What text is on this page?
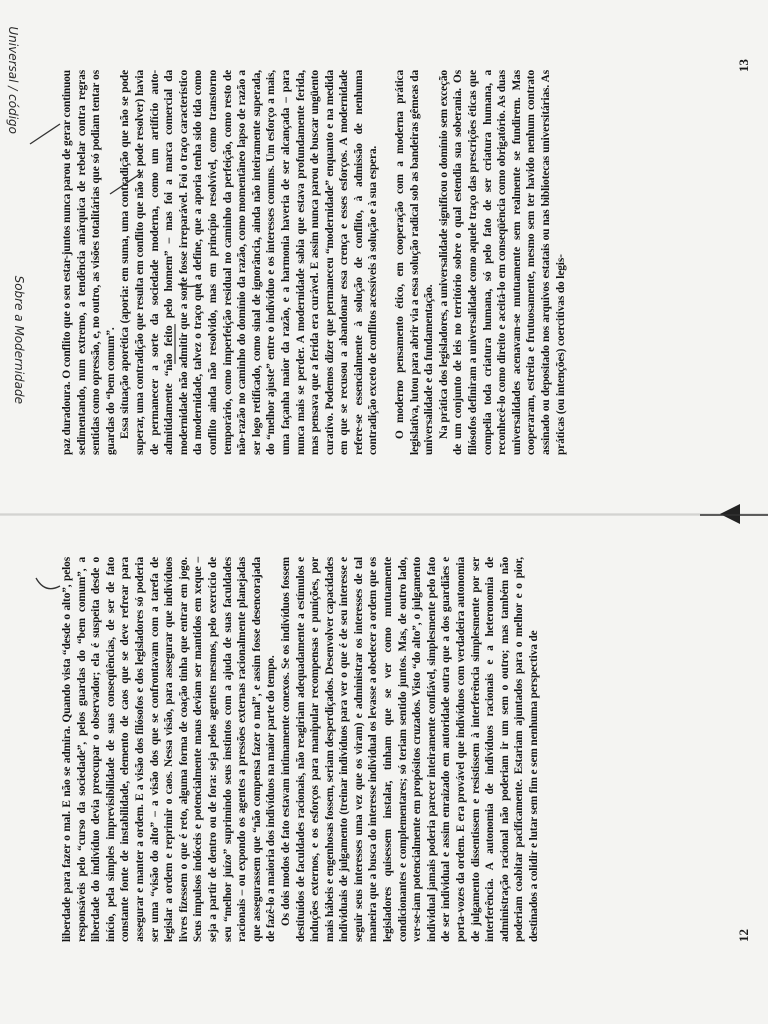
liberdade para fazer o mal. E não se admira. Quando vista “desde o alto”, pelos responsáveis pelo “curso da sociedade”, pelos guardas do “bem comum”, a liberdade do indivíduo devia preocupar o observador; ela é suspeita desde o início, pela simples imprevisibilidade de suas conseqüências, de ser de fato constante fonte de instabilidade, elemento de caos que se deve refrear para assegurar e manter a ordem. E a visão dos filósofos e dos legisladores só poderia ser uma “visão do alto” – a visão dos que se confrontavam com a tarefa de legislar a ordem e reprimir o caos. Nessa visão, para assegurar que indivíduos livres fizessem o que é reto, alguma forma de coação tinha que entrar em jogo. Seus impulsos indóceis e potencialmente maus deviam ser mantidos em xeque – seja a partir de dentro ou de fora: seja pelos agentes mesmos, pelo exercício de seu “melhor juízo” suprimindo seus instintos com a ajuda de suas faculdades racionais – ou expondo os agentes a pressões externas racionalmente planejadas que assegurassem que “não compensa fazer o mal”, e assim fosse desencorajada de fazê-lo a maioria dos indivíduos na maior parte do tempo. Os dois modos de fato estavam intimamente conexos. Se os indivíduos fossem destituídos de faculdades racionais, não reagiriam adequadamente a estímulos e induções externos, e os esforços para manipular recompensas e punições, por mais hábeis e engenhosas fossem, seriam desperdiçados. Desenvolver capacidades individuais de julgamento (treinar indivíduos para ver o que é de seu interesse e seguir seus interesses uma vez que os viram) e administrar os interesses de tal maneira que a busca do interesse individual os levasse a obedecer a ordem que os legisladores quisessem instalar, tinham que se ver como mutuamente condicionantes e complementares; só teriam sentido juntos. Mas, de outro lado, ver-se-iam potencialmente em propósitos cruzados. Visto “do alto”, o julgamento individual jamais poderia parecer inteiramente confiável, simplesmente pelo fato de ser individual e assim enraizado em autoridade outra que a dos guardiães e porta-vozes da ordem. E era provável que indivíduos com verdadeira autonomia de julgamento dissentissem e resistissem à interferência simplesmente por ser interferência. A autonomia de indivíduos racionais e a heteronomia de administração racional não poderiam ir um sem o outro; mas também não poderiam coabitar pacificamente. Estariam ajuntados para o melhor e o pior, destinados a colidir e lutar sem fim e sem nenhuma perspectiva de	12

paz duradoura. O conflito que o seu estar-juntos nunca parou de gerar continuou sedimentando, num extremo, a tendência anárquica de rebelar contra regras sentidas como opressão, e, no outro, as visões totalitárias que só podiam tentar os guardas do “bem comum”. Essa situação aporética (aporia: em suma, uma contradição que não se pode superar, uma contradição que resulta em conflito que não se pode resolver) havia de permanecer a sorte da sociedade moderna, como um artifício auto-admitidamente “não feito pelo homem” – mas foi a marca comercial da modernidade não admitir que a sorte fosse irreparável. Foi o traço característico da modernidade, talvez o traço que a define, que a aporia tenha sido tida como conflito ainda não resolvido, mas em princípio resolvível, como transtorno temporário, como imperfeição residual no caminho da perfeição, como resto de não-razão no caminho do domínio da razão, como momentâneo lapso de razão a ser logo retificado, como sinal de ignorância, ainda não inteiramente superada, do “melhor ajuste” entre o indivíduo e os interesses comuns. Um esforço a mais, uma façanha maior da razão, e a harmonia haveria de ser alcançada – para nunca mais se perder. A modernidade sabia que estava profundamente ferida, mas pensava que a ferida era curável. E assim nunca parou de buscar ungüento curativo. Podemos dizer que permaneceu “modernidade” enquanto e na medida em que se recusou a abandonar essa crença e esses esforços. A modernidade refere-se essencialmente à solução de conflito, à admissão de nenhuma contradição exceto de conflitos acessíveis à solução e à sua espera. O moderno pensamento ético, em cooperação com a moderna prática legislativa, lutou para abrir via a essa solução radical sob as bandeiras gêmeas da universalidade e da fundamentação. Na prática dos legisladores, a universalidade significou o domínio sem exceção de um conjunto de leis no território sobre o qual estendia sua soberania. Os filósofos definiram a universalidade como aquele traço das prescrições éticas que compelia toda criatura humana, só pelo fato de ser criatura humana, a reconhecê-lo como direito e aceitá-lo em conseqüência como obrigatório. As duas universalidades acenavam-se mutuamente sem realmente se fundirem. Mas cooperaram, estreita e frutuosamente, mesmo sem ter havido nenhum contrato assinado ou depositado nos arquivos estatais ou nas bibliotecas universitárias. As práticas (ou intenções) coercitivas do legis-

13
Sobre a Modernidade
Universal / código
